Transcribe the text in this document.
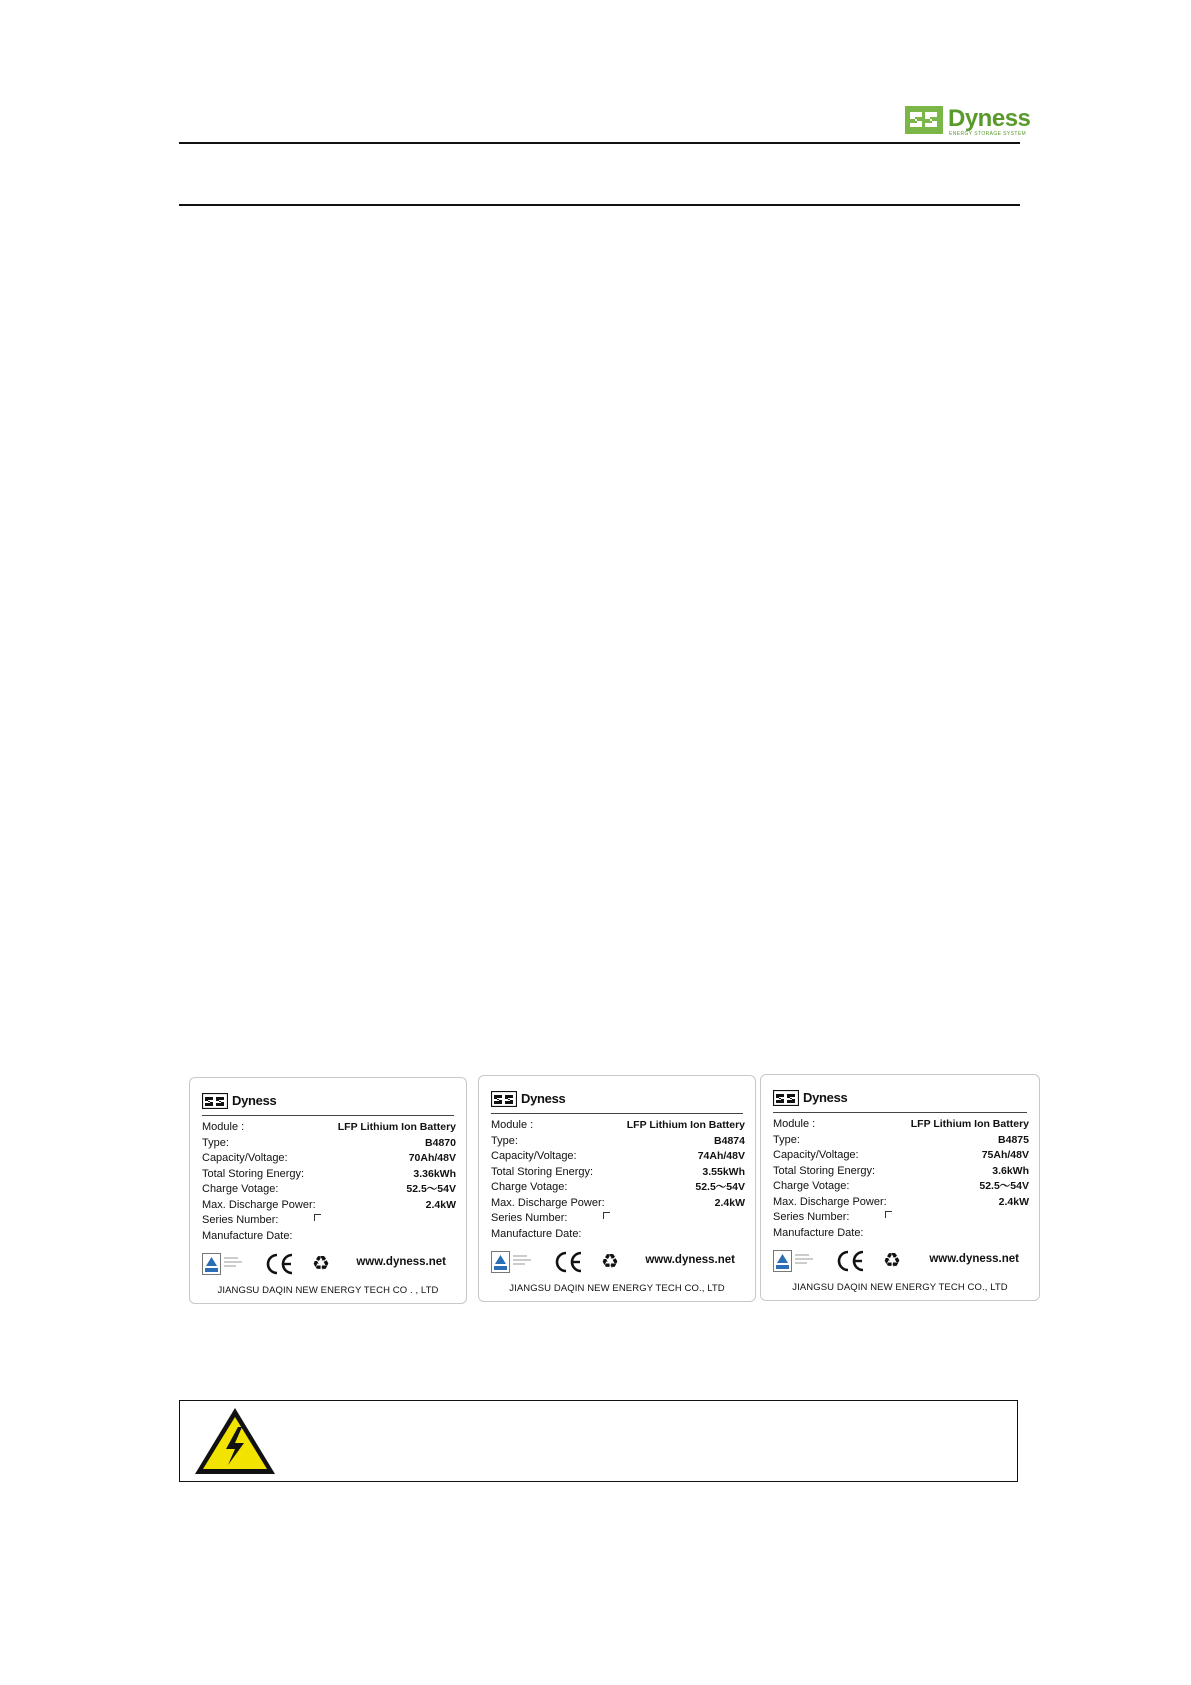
Dyness
ENERGY STORAGE SYSTEM
Dyness
Module :	LFP Lithium Ion Battery
Type:	B4870
Capacity/Voltage:	70Ah/48V
Total Storing Energy:	3.36kWh
Charge Votage:	52.5～54V
Max. Discharge Power:	2.4kW
Series Number:
Manufacture Date:
♻ www.dyness.net
JIANGSU DAQIN NEW ENERGY TECH CO . , LTD
Dyness
Module :	LFP Lithium Ion Battery
Type:	B4874
Capacity/Voltage:	74Ah/48V
Total Storing Energy:	3.55kWh
Charge Votage:	52.5～54V
Max. Discharge Power:	2.4kW
Series Number:
Manufacture Date:
♻ www.dyness.net
JIANGSU DAQIN NEW ENERGY TECH CO., LTD
Dyness
Module :	LFP Lithium Ion Battery
Type:	B4875
Capacity/Voltage:	75Ah/48V
Total Storing Energy:	3.6kWh
Charge Votage:	52.5～54V
Max. Discharge Power:	2.4kW
Series Number:
Manufacture Date:
♻ www.dyness.net
JIANGSU DAQIN NEW ENERGY TECH CO., LTD
